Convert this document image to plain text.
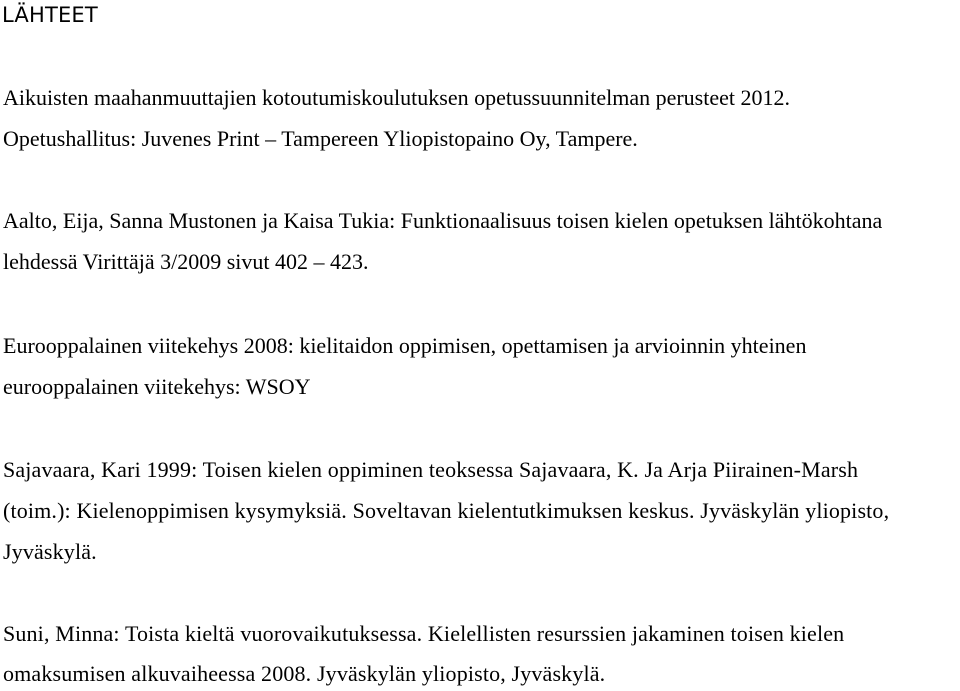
LÄHTEET
Aikuisten maahanmuuttajien kotoutumiskoulutuksen opetussuunnitelman perusteet 2012.
Opetushallitus: Juvenes Print – Tampereen Yliopistopaino Oy, Tampere.
Aalto, Eija, Sanna Mustonen ja Kaisa Tukia: Funktionaalisuus toisen kielen opetuksen lähtökohtana
lehdessä Virittäjä 3/2009 sivut 402 – 423.
Eurooppalainen viitekehys 2008: kielitaidon oppimisen, opettamisen ja arvioinnin yhteinen
eurooppalainen viitekehys: WSOY
Sajavaara, Kari 1999: Toisen kielen oppiminen teoksessa Sajavaara, K. Ja Arja Piirainen-Marsh
(toim.): Kielenoppimisen kysymyksiä. Soveltavan kielentutkimuksen keskus. Jyväskylän yliopisto,
Jyväskylä.
Suni, Minna: Toista kieltä vuorovaikutuksessa. Kielellisten resurssien jakaminen toisen kielen
omaksumisen alkuvaiheessa 2008. Jyväskylän yliopisto, Jyväskylä.
